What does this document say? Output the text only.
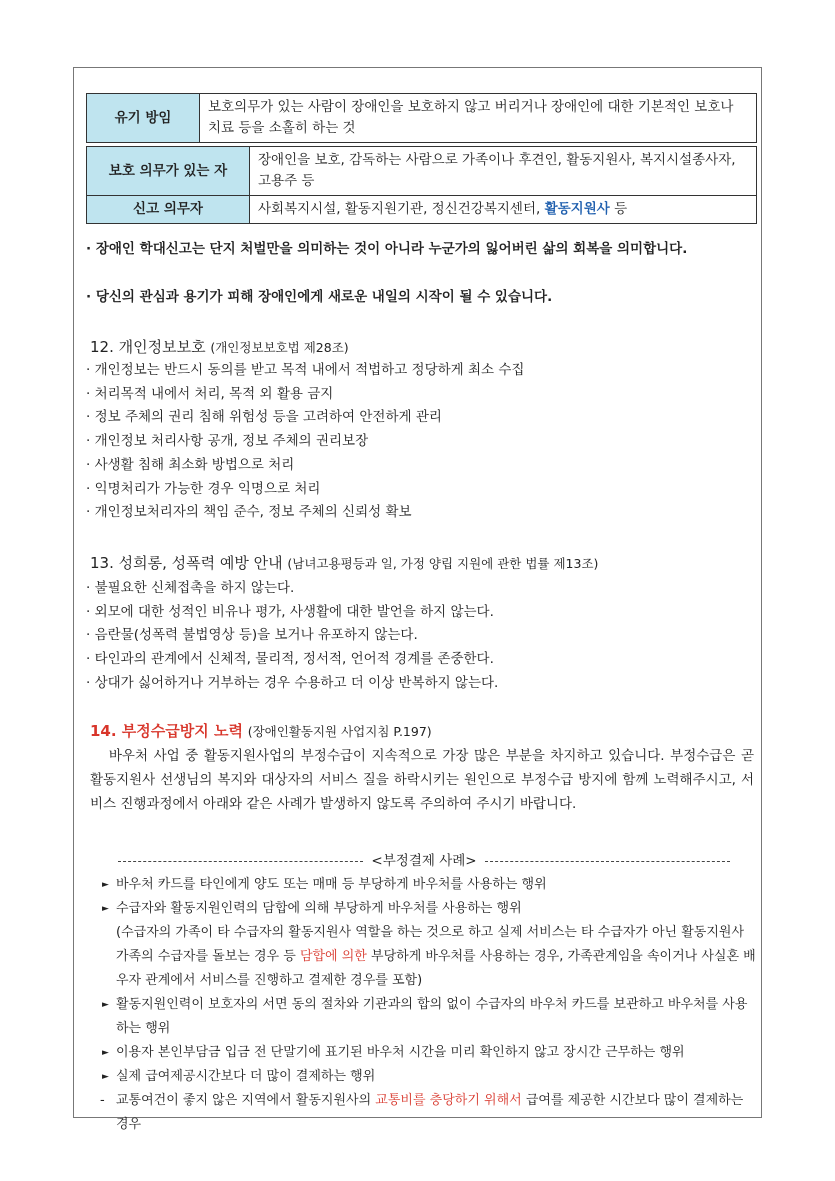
유기 방임	보호의무가 있는 사람이 장애인을 보호하지 않고 버리거나 장애인에 대한 기본적인 보호나 치료 등을 소홀히 하는 것
보호 의무가 있는 자	장애인을 보호, 감독하는 사람으로 가족이나 후견인, 활동지원사, 복지시설종사자, 고용주 등
신고 의무자	사회복지시설, 활동지원기관, 정신건강복지센터, 활동지원사 등

· 장애인 학대신고는 단지 처벌만을 의미하는 것이 아니라 누군가의 잃어버린 삶의 회복을 의미합니다.

· 당신의 관심과 용기가 피해 장애인에게 새로운 내일의 시작이 될 수 있습니다.

12. 개인정보보호 (개인정보보호법 제28조)
· 개인정보는 반드시 동의를 받고 목적 내에서 적법하고 정당하게 최소 수집
· 처리목적 내에서 처리, 목적 외 활용 금지
· 정보 주체의 권리 침해 위험성 등을 고려하여 안전하게 관리
· 개인정보 처리사항 공개, 정보 주체의 권리보장
· 사생활 침해 최소화 방법으로 처리
· 익명처리가 가능한 경우 익명으로 처리
· 개인정보처리자의 책임 준수, 정보 주체의 신뢰성 확보
13. 성희롱, 성폭력 예방 안내 (남녀고용평등과 일, 가정 양립 지원에 관한 법률 제13조)
· 불필요한 신체접촉을 하지 않는다.
· 외모에 대한 성적인 비유나 평가, 사생활에 대한 발언을 하지 않는다.
· 음란물(성폭력 불법영상 등)을 보거나 유포하지 않는다.
· 타인과의 관계에서 신체적, 물리적, 정서적, 언어적 경계를 존중한다.
· 상대가 싫어하거나 거부하는 경우 수용하고 더 이상 반복하지 않는다.
14. 부정수급방지 노력 (장애인활동지원 사업지침 P.197)

바우처 사업 중 활동지원사업의 부정수급이 지속적으로 가장 많은 부분을 차지하고 있습니다. 부정수급은 곧 활동지원사 선생님의 복지와 대상자의 서비스 질을 하락시키는 원인으로 부정수급 방지에 함께 노력해주시고, 서비스 진행과정에서 아래와 같은 사례가 발생하지 않도록 주의하여 주시기 바랍니다.

<부정결제 사례>
► 바우처 카드를 타인에게 양도 또는 매매 등 부당하게 바우처를 사용하는 행위
► 수급자와 활동지원인력의 담합에 의해 부당하게 바우처를 사용하는 행위
(수급자의 가족이 타 수급자의 활동지원사 역할을 하는 것으로 하고 실제 서비스는 타 수급자가 아닌 활동지원사 가족의 수급자를 돌보는 경우 등 담합에 의한 부당하게 바우처를 사용하는 경우, 가족관계임을 속이거나 사실혼 배우자 관계에서 서비스를 진행하고 결제한 경우를 포함)
► 활동지원인력이 보호자의 서면 동의 절차와 기관과의 합의 없이 수급자의 바우처 카드를 보관하고 바우처를 사용하는 행위
► 이용자 본인부담금 입금 전 단말기에 표기된 바우처 시간을 미리 확인하지 않고 장시간 근무하는 행위
► 실제 급여제공시간보다 더 많이 결제하는 행위
- 교통여건이 좋지 않은 지역에서 활동지원사의 교통비를 충당하기 위해서 급여를 제공한 시간보다 많이 결제하는 경우
